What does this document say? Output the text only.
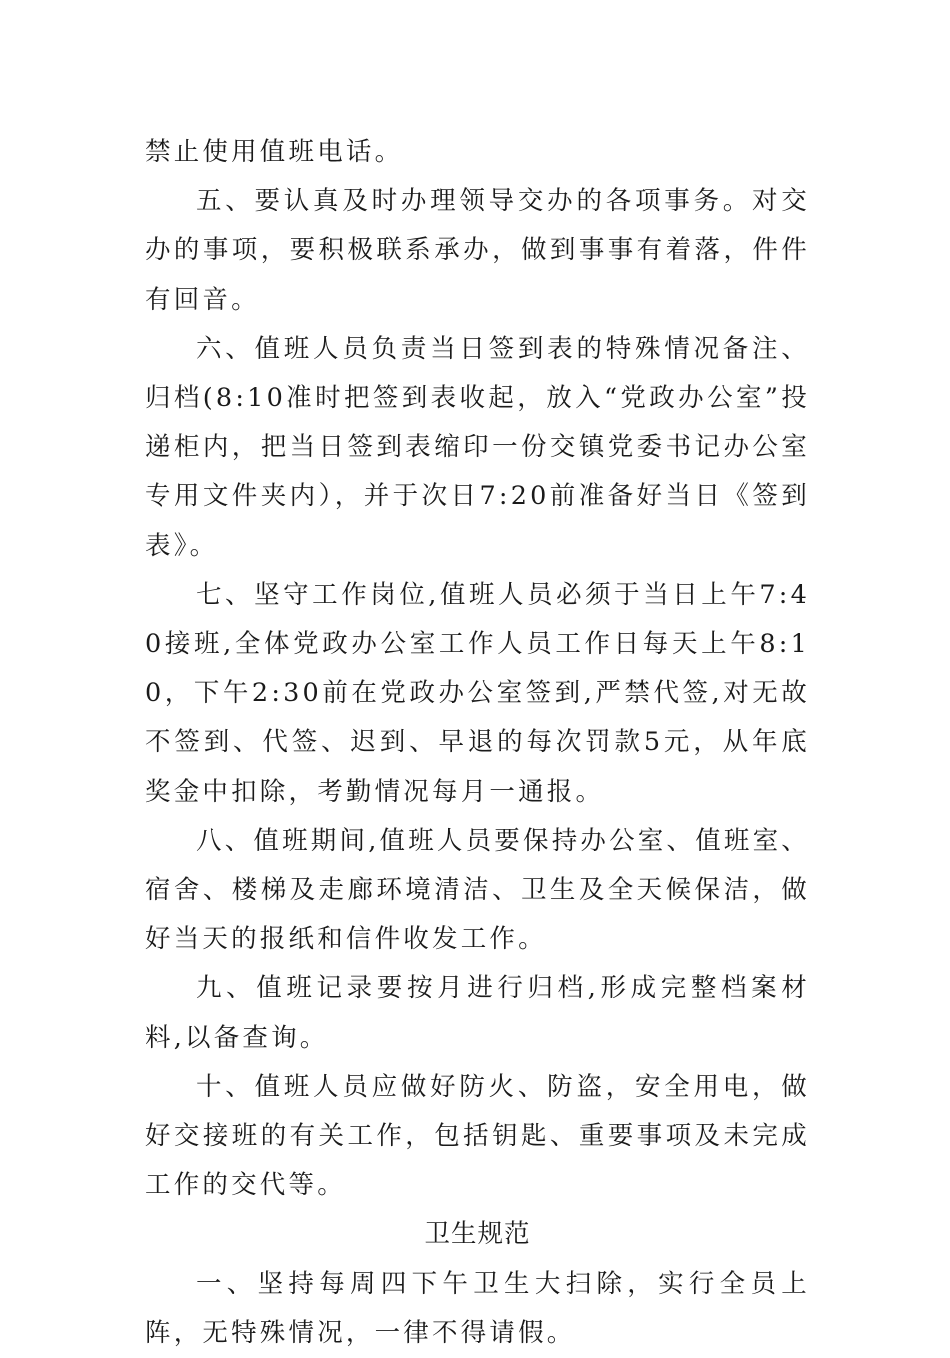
禁止使用值班电话。

五、要认真及时办理领导交办的各项事务。对交办的事项，要积极联系承办，做到事事有着落，件件有回音。

六、值班人员负责当日签到表的特殊情况备注、归档(8:10准时把签到表收起，放入“党政办公室”投递柜内，把当日签到表缩印一份交镇党委书记办公室专用文件夹内），并于次日7:20前准备好当日《签到表》。

七、坚守工作岗位,值班人员必须于当日上午7:40接班,全体党政办公室工作人员工作日每天上午8:10，下午2:30前在党政办公室签到,严禁代签,对无故不签到、代签、迟到、早退的每次罚款5元，从年底奖金中扣除，考勤情况每月一通报。

八、值班期间,值班人员要保持办公室、值班室、宿舍、楼梯及走廊环境清洁、卫生及全天候保洁，做好当天的报纸和信件收发工作。

九、值班记录要按月进行归档,形成完整档案材料,以备查询。

十、值班人员应做好防火、防盗，安全用电，做好交接班的有关工作，包括钥匙、重要事项及未完成工作的交代等。

卫生规范

一、坚持每周四下午卫生大扫除，实行全员上阵，无特殊情况，一律不得请假。
